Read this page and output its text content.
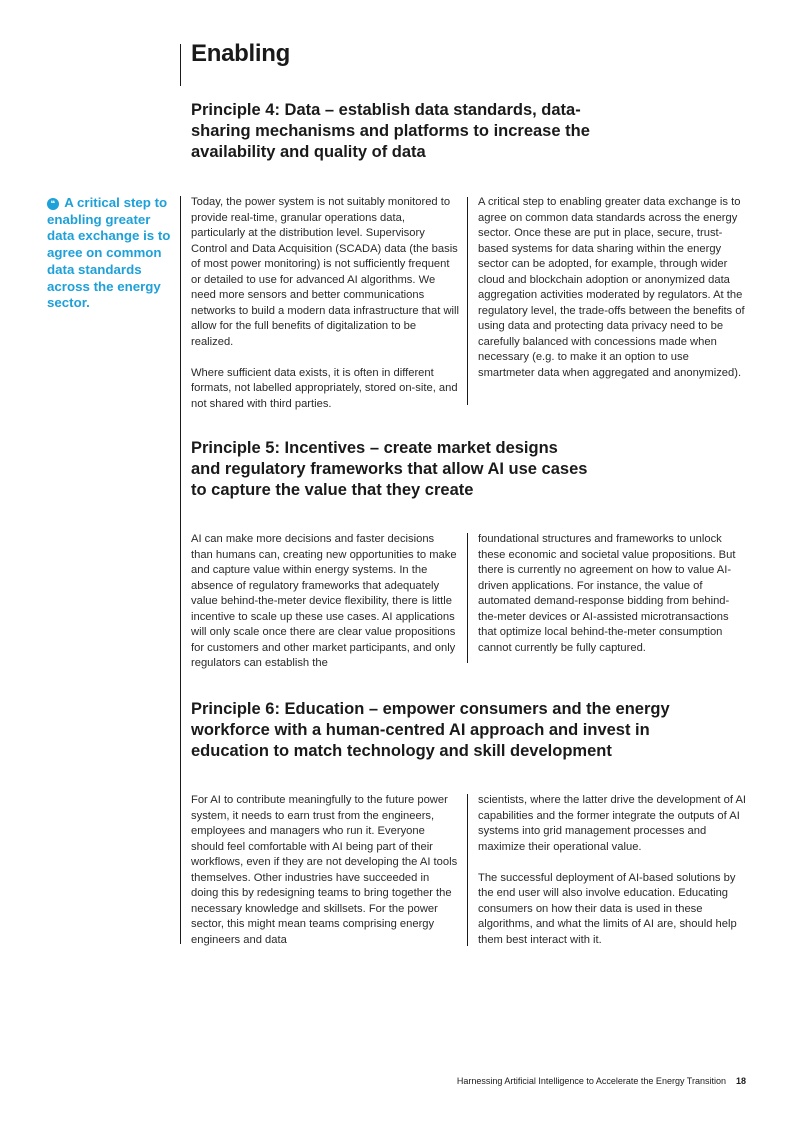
Enabling
❝ A critical step to enabling greater data exchange is to agree on common data standards across the energy sector.
Principle 4: Data – establish data standards, data-sharing mechanisms and platforms to increase the availability and quality of data

Today, the power system is not suitably monitored to provide real-time, granular operations data, particularly at the distribution level. Supervisory Control and Data Acquisition (SCADA) data (the basis of most power monitoring) is not sufficiently frequent or detailed to use for advanced AI algorithms. We need more sensors and better communications networks to build a modern data infrastructure that will allow for the full benefits of digitalization to be realized.

Where sufficient data exists, it is often in different formats, not labelled appropriately, stored on-site, and not shared with third parties.

A critical step to enabling greater data exchange is to agree on common data standards across the energy sector. Once these are put in place, secure, trust-based systems for data sharing within the energy sector can be adopted, for example, through wider cloud and blockchain adoption or anonymized data aggregation activities moderated by regulators. At the regulatory level, the trade-offs between the benefits of using data and protecting data privacy need to be carefully balanced with concessions made when necessary (e.g. to make it an option to use smartmeter data when aggregated and anonymized).

Principle 5: Incentives – create market designs and regulatory frameworks that allow AI use cases to capture the value that they create

AI can make more decisions and faster decisions than humans can, creating new opportunities to make and capture value within energy systems. In the absence of regulatory frameworks that adequately value behind-the-meter device flexibility, there is little incentive to scale up these use cases. AI applications will only scale once there are clear value propositions for customers and other market participants, and only regulators can establish the

foundational structures and frameworks to unlock these economic and societal value propositions. But there is currently no agreement on how to value AI-driven applications. For instance, the value of automated demand-response bidding from behind-the-meter devices or AI-assisted microtransactions that optimize local behind-the-meter consumption cannot currently be fully captured.

Principle 6: Education – empower consumers and the energy workforce with a human-centred AI approach and invest in education to match technology and skill development

For AI to contribute meaningfully to the future power system, it needs to earn trust from the engineers, employees and managers who run it. Everyone should feel comfortable with AI being part of their workflows, even if they are not developing the AI tools themselves. Other industries have succeeded in doing this by redesigning teams to bring together the necessary knowledge and skillsets. For the power sector, this might mean teams comprising energy engineers and data

scientists, where the latter drive the development of AI capabilities and the former integrate the outputs of AI systems into grid management processes and maximize their operational value.

The successful deployment of AI-based solutions by the end user will also involve education. Educating consumers on how their data is used in these algorithms, and what the limits of AI are, should help them best interact with it.

Harnessing Artificial Intelligence to Accelerate the Energy Transition 18
